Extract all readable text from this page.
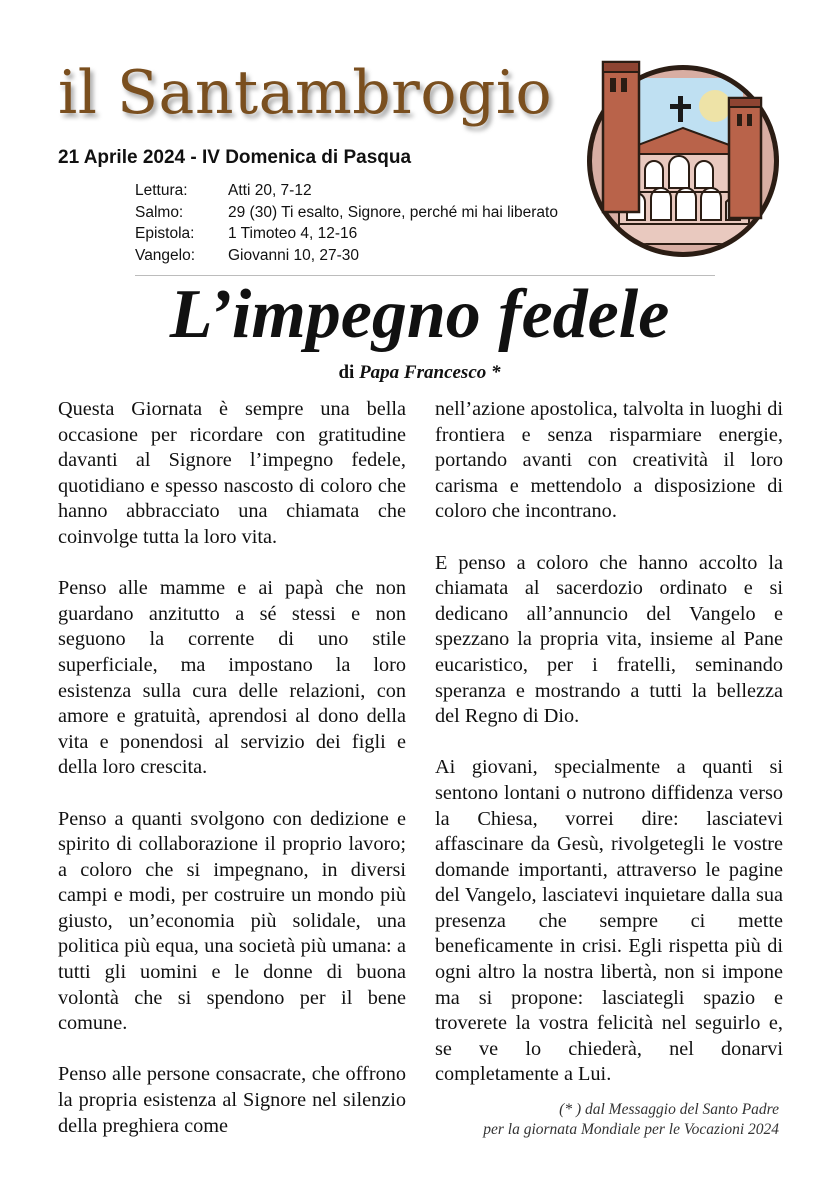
il Santambrogio
21 Aprile 2024 - IV Domenica di Pasqua
Lettura:	Atti 20, 7-12
Salmo:	29 (30) Ti esalto, Signore, perché mi hai liberato
Epistola:	1 Timoteo 4, 12-16
Vangelo:	Giovanni 10, 27-30
L’impegno fedele
di Papa Francesco *

Questa Giornata è sempre una bella occasione per ricordare con gratitudine davanti al Signore l’impegno fedele, quotidiano e spesso nascosto di coloro che hanno abbracciato una chiamata che coinvolge tutta la loro vita.

Penso alle mamme e ai papà che non guardano anzitutto a sé stessi e non seguono la corrente di uno stile superficiale, ma impostano la loro esistenza sulla cura delle relazioni, con amore e gratuità, aprendosi al dono della vita e ponendosi al servizio dei figli e della loro crescita.

Penso a quanti svolgono con dedizione e spirito di collaborazione il proprio lavoro; a coloro che si impegnano, in diversi campi e modi, per costruire un mondo più giusto, un’economia più solidale, una politica più equa, una società più umana: a tutti gli uomini e le donne di buona volontà che si spendono per il bene comune.

Penso alle persone consacrate, che offrono la propria esistenza al Signore nel silenzio della preghiera come

nell’azione apostolica, talvolta in luoghi di frontiera e senza risparmiare energie, portando avanti con creatività il loro carisma e mettendolo a disposizione di coloro che incontrano.

E penso a coloro che hanno accolto la chiamata al sacerdozio ordinato e si dedicano all’annuncio del Vangelo e spezzano la propria vita, insieme al Pane eucaristico, per i fratelli, seminando speranza e mostrando a tutti la bellezza del Regno di Dio.

Ai giovani, specialmente a quanti si sentono lontani o nutrono diffidenza verso la Chiesa, vorrei dire: lasciatevi affascinare da Gesù, rivolgetegli le vostre domande importanti, attraverso le pagine del Vangelo, lasciatevi inquietare dalla sua presenza che sempre ci mette beneficamente in crisi. Egli rispetta più di ogni altro la nostra libertà, non si impone ma si propone: lasciategli spazio e troverete la vostra felicità nel seguirlo e, se ve lo chiederà, nel donarvi completamente a Lui.

(* ) dal Messaggio del Santo Padre
per la giornata Mondiale per le Vocazioni 2024
